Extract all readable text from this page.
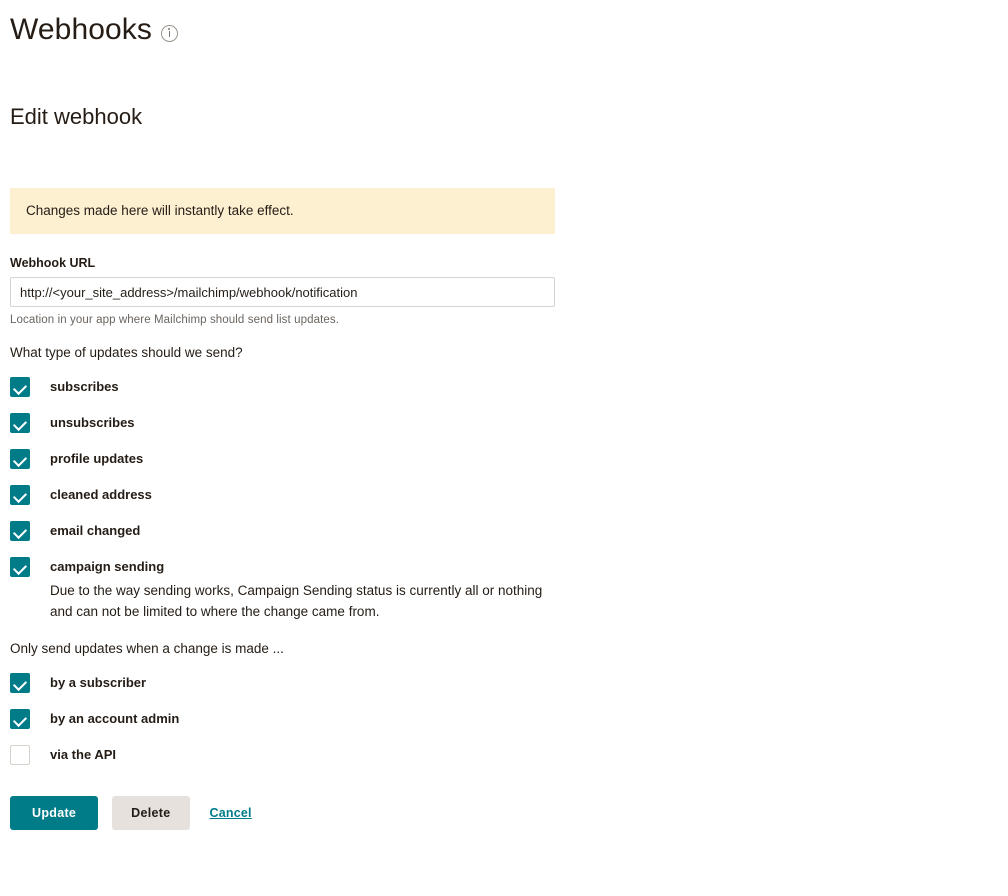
Webhooks
Edit webhook
Changes made here will instantly take effect.
Webhook URL
http://<your_site_address>/mailchimp/webhook/notification
Location in your app where Mailchimp should send list updates.
What type of updates should we send?
subscribes
unsubscribes
profile updates
cleaned address
email changed
campaign sending
Due to the way sending works, Campaign Sending status is currently all or nothing and can not be limited to where the change came from.
Only send updates when a change is made ...
by a subscriber
by an account admin
via the API
Update	Delete	Cancel
